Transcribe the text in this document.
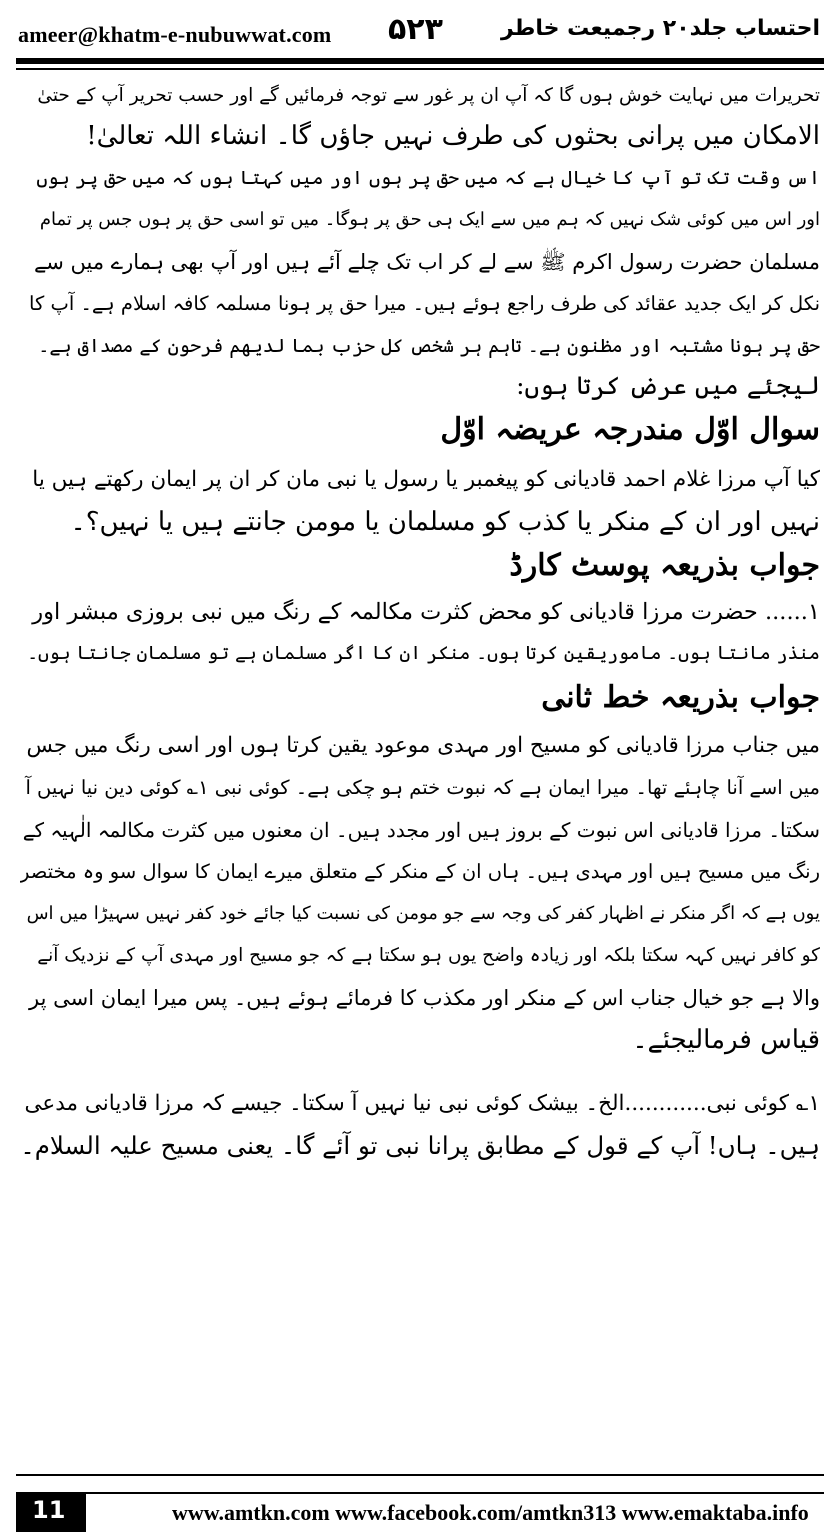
ameer@khatm-e-nubuwwat.com ۵۲۳	احتساب جلد۲۰ رجمیعت خاطر
تحریرات میں نہایت خوش ہوں گا کہ آپ ان پر غور سے توجہ فرمائیں گے اور حسب تحریر آپ کے حتیٰ
الامکان میں پرانی بحثوں کی طرف نہیں جاؤں گا۔ انشاء اللہ تعالیٰ!
اس وقت تک تو آپ کا خیال ہے کہ میں حق پر ہوں اور میں کہتا ہوں کہ میں حق پر ہوں
اور اس میں کوئی شک نہیں کہ ہم میں سے ایک ہی حق پر ہوگا۔ میں تو اسی حق پر ہوں جس پر تمام
مسلمان حضرت رسول اکرم ﷺ سے لے کر اب تک چلے آئے ہیں اور آپ بھی ہمارے میں سے
نکل کر ایک جدید عقائد کی طرف راجع ہوئے ہیں۔ میرا حق پر ہونا مسلمہ کافہ اسلام ہے۔ آپ کا
حق پر ہونا مشتبہ اور مظنون ہے۔ تاہم ہر شخص کل حزب بما لدیھم فرحون کے مصداق ہے۔
لیجئے میں عرض کرتا ہوں:
سوال اوّل مندرجہ عریضہ اوّل
کیا آپ مرزا غلام احمد قادیانی کو پیغمبر یا رسول یا نبی مان کر ان پر ایمان رکھتے ہیں یا
نہیں اور ان کے منکر یا کذب کو مسلمان یا مومن جانتے ہیں یا نہیں؟۔
جواب بذریعہ پوسٹ کارڈ
۱...... حضرت مرزا قادیانی کو محض کثرت مکالمہ کے رنگ میں نبی بروزی مبشر اور
منذر مانتا ہوں۔ ماموریقین کرتا ہوں۔ منکر ان کا اگر مسلمان ہے تو مسلمان جانتا ہوں۔
جواب بذریعہ خط ثانی
میں جناب مرزا قادیانی کو مسیح اور مہدی موعود یقین کرتا ہوں اور اسی رنگ میں جس
میں اسے آنا چاہئے تھا۔ میرا ایمان ہے کہ نبوت ختم ہو چکی ہے۔ کوئی نبی ۱؎ کوئی دین نیا نہیں آ
سکتا۔ مرزا قادیانی اس نبوت کے بروز ہیں اور مجدد ہیں۔ ان معنوں میں کثرت مکالمہ الٰہیہ کے
رنگ میں مسیح ہیں اور مہدی ہیں۔ ہاں ان کے منکر کے متعلق میرے ایمان کا سوال سو وہ مختصر
یوں ہے کہ اگر منکر نے اظہار کفر کی وجہ سے جو مومن کی نسبت کیا جائے خود کفر نہیں سہیڑا میں اس
کو کافر نہیں کہہ سکتا بلکہ اور زیادہ واضح یوں ہو سکتا ہے کہ جو مسیح اور مہدی آپ کے نزدیک آنے
والا ہے جو خیال جناب اس کے منکر اور مکذب کا فرمائے ہوئے ہیں۔ پس میرا ایمان اسی پر
قیاس فرمالیجئے۔
۱؎ کوئی نبی............الخ۔ بیشک کوئی نبی نیا نہیں آ سکتا۔ جیسے کہ مرزا قادیانی مدعی
ہیں۔ ہاں! آپ کے قول کے مطابق پرانا نبی تو آئے گا۔ یعنی مسیح علیہ السلام۔
11	www.amtkn.com www.facebook.com/amtkn313 www.emaktaba.info
